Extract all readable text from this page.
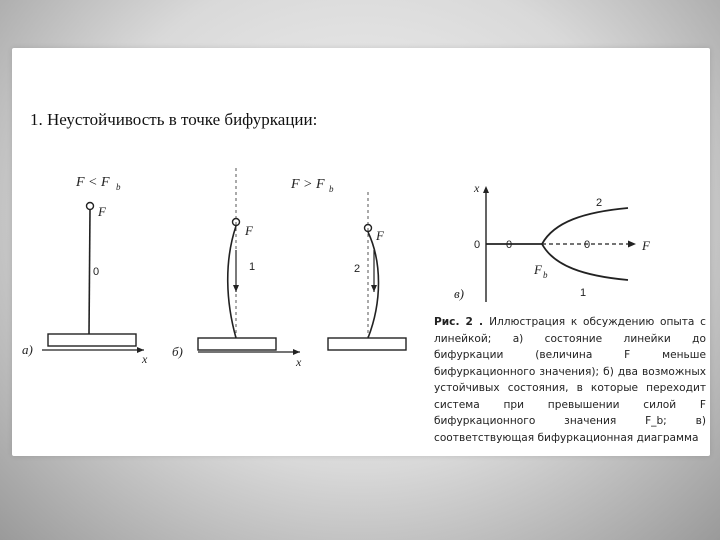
1. Неустойчивость в точке бифуркации:
F < F b
F
0
x
а)
F > F b
F
1
x
б)
F
2
x
0	F
0	0
2
1
F b
в)
Рис. 2 . Иллюстрация к обсуждению опыта с линейкой; а) состояние линейки до бифуркации (величина F меньше бифуркационного значения); б) два возможных устойчивых состояния, в которые переходит система при превышении силой F бифуркационного значения F_b; в) соответствующая бифуркационная диаграмма
